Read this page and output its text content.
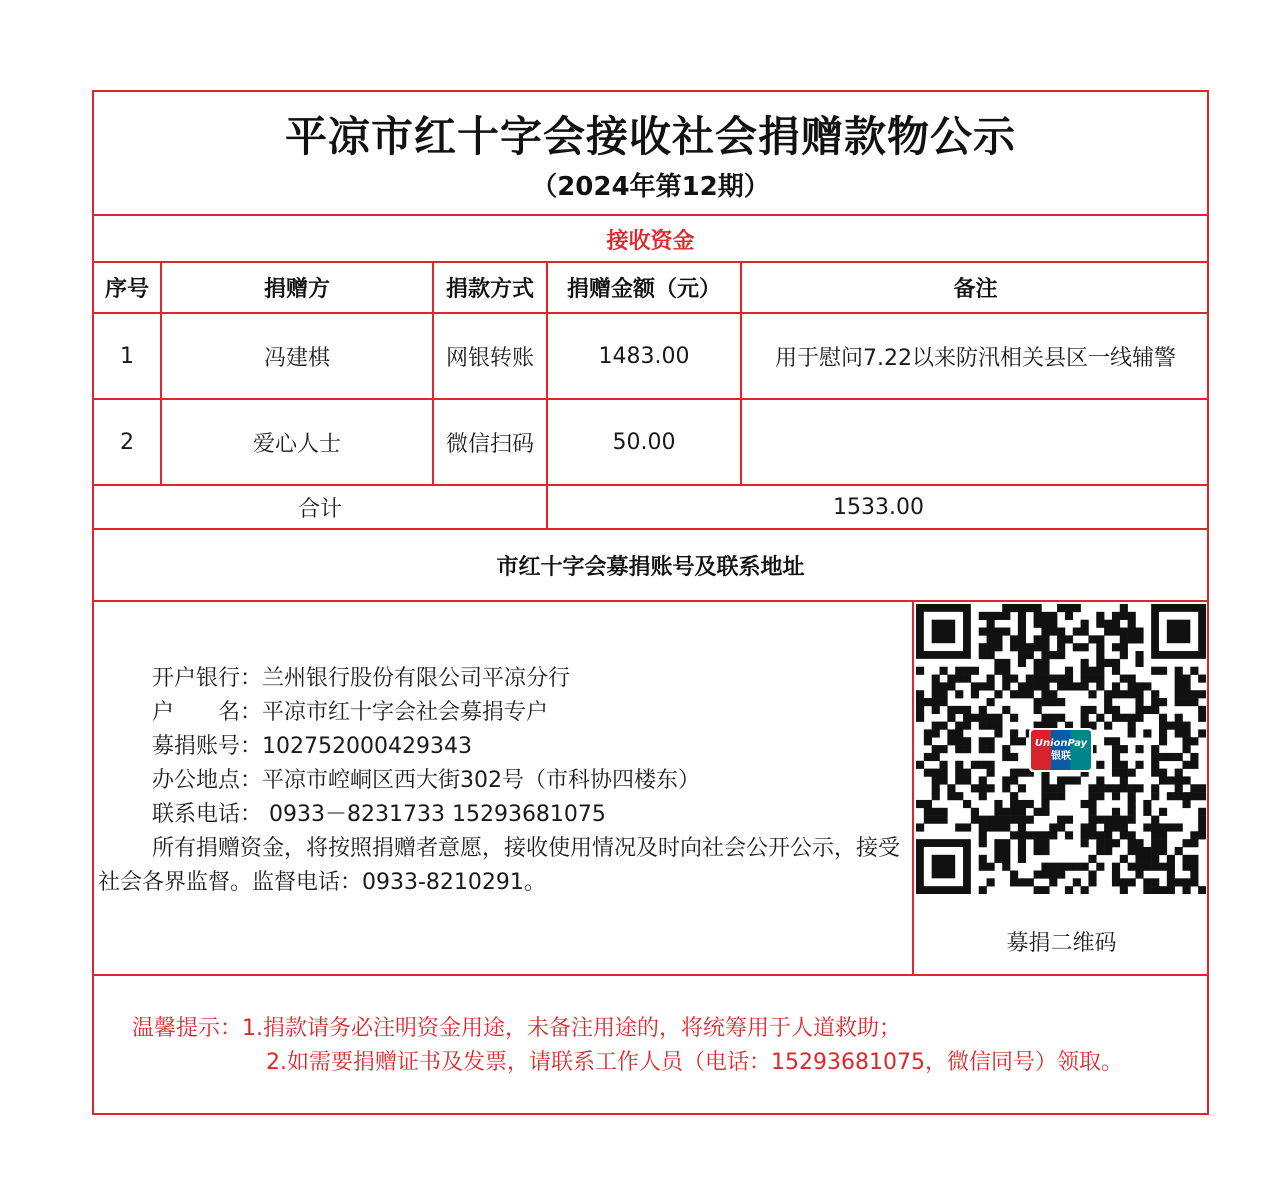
平凉市红十字会接收社会捐赠款物公示
（2024年第12期）
接收资金
序号	捐赠方	捐款方式	捐赠金额（元）	备注
1	冯建棋	网银转账	1483.00	用于慰问7.22以来防汛相关县区一线辅警
2	爱心人士	微信扫码	50.00
合计	1533.00
市红十字会募捐账号及联系地址
开户银行：兰州银行股份有限公司平凉分行
户　　名：平凉市红十字会社会募捐专户
募捐账号：102752000429343
办公地点：平凉市崆峒区西大街302号（市科协四楼东）
联系电话： 0933－8231733 15293681075
所有捐赠资金，将按照捐赠者意愿，接收使用情况及时向社会公开公示，接受社会各界监督。监督电话：0933-8210291。
UnionPay
银联
募捐二维码
温馨提示：1.捐款请务必注明资金用途，未备注用途的，将统筹用于人道救助；
2.如需要捐赠证书及发票，请联系工作人员（电话：15293681075，微信同号）领取。
